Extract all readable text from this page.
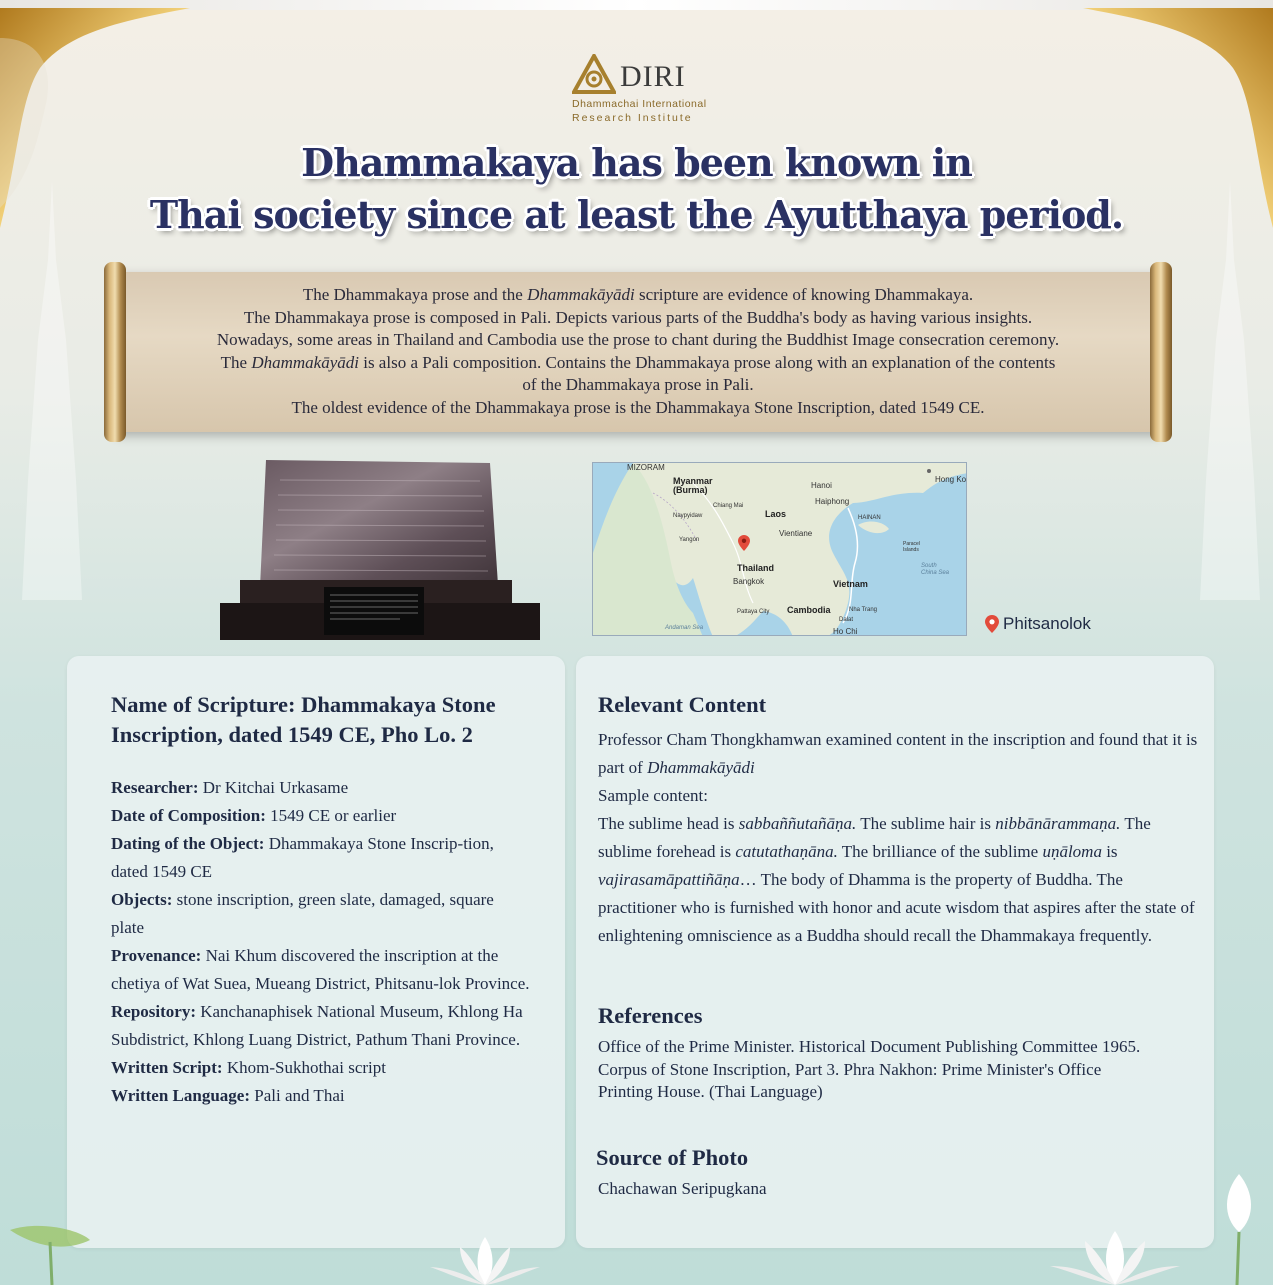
DIRI
Dhammachai International
Research Institute
Dhammakaya has been known in
Thai society since at least the Ayutthaya period.
The Dhammakaya prose and the Dhammakāyādi scripture are evidence of knowing Dhammakaya.
The Dhammakaya prose is composed in Pali. Depicts various parts of the Buddha's body as having various insights.
Nowadays, some areas in Thailand and Cambodia use the prose to chant during the Buddhist Image consecration ceremony.
The Dhammakāyādi is also a Pali composition. Contains the Dhammakaya prose along with an explanation of the contents
of the Dhammakaya prose in Pali.
The oldest evidence of the Dhammakaya prose is the Dhammakaya Stone Inscription, dated 1549 CE.
MIZORAM
Myanmar
(Burma)	Hanoi
Haiphong
Hong Ko
Chiang Mai
Naypyidaw	Laos	HAINAN
Vientiane
Yangon
Paracel
Islands
Thailand
Bangkok
South
China Sea
Vietnam
Pattaya City Cambodia	Nha Trang
Dalat
Andaman Sea	Ho Chi	Phitsanolok
Name of Scripture: Dhammakaya Stone Inscription, dated 1549 CE, Pho Lo. 2
Researcher: Dr Kitchai Urkasame
Date of Composition: 1549 CE or earlier
Dating of the Object: Dhammakaya Stone Inscrip-tion, dated 1549 CE
Objects: stone inscription, green slate, damaged, square plate
Provenance: Nai Khum discovered the inscription at the chetiya of Wat Suea, Mueang District, Phitsanu-lok Province.
Repository: Kanchanaphisek National Museum, Khlong Ha Subdistrict, Khlong Luang District, Pathum Thani Province.
Written Script: Khom-Sukhothai script
Written Language: Pali and Thai
Relevant Content
Professor Cham Thongkhamwan examined content in the inscription and found that it is part of Dhammakāyādi
Sample content:
The sublime head is sabbaññutañāṇa. The sublime hair is nibbānārammaṇa. The sublime forehead is catutathaṇāna. The brilliance of the sublime uṇāloma is vajirasamāpattiñāṇa… The body of Dhamma is the property of Buddha. The practitioner who is furnished with honor and acute wisdom that aspires after the state of enlightening omniscience as a Buddha should recall the Dhammakaya frequently.
References
Office of the Prime Minister. Historical Document Publishing Committee 1965. Corpus of Stone Inscription, Part 3. Phra Nakhon: Prime Minister's Office Printing House. (Thai Language)
Source of Photo
Chachawan Seripugkana
